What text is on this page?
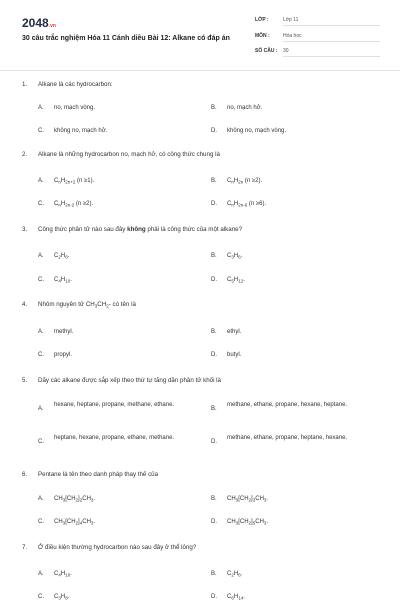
2048.vn
30 câu trắc nghiệm Hóa 11 Cánh diều Bài 12: Alkane có đáp án
LỚP :	Lớp 11
MÔN :	Hóa học
SỐ CÂU : 30
1. Alkane là các hydrocarbon:
A. no, mạch vòng.	B. no, mạch hở.
C. không no, mạch hở.	D. không no, mạch vòng.
2. Alkane là những hydrocarbon no, mạch hở, có công thức chung là
A. $C_nH_{2n+2}$ (n ≥1).	B. $C_nH_{2n}$ (n ≥2).
C. $C_nH_{2n-2}$ (n ≥2).	D. $C_nH_{2n-6}$ (n ≥6).
3. Công thức phân tử nào sau đây không phải là công thức của một alkane?
A. $C_2H_6$.	B. $C_3H_6$.
C. $C_4H_{10}$.	D. $C_5H_{12}$.
4. Nhóm nguyên tử $CH_3CH_2-$ có tên là
A. methyl.	B. ethyl.
C. propyl.	D. butyl.
5. Dãy các alkane được sắp xếp theo thứ tự tăng dần phân tử khối là
A.
hexane, heptane, propane, methane, ethane.
B.
methane, ethane, propane, hexane, heptane.
C.
heptane, hexane, propane, ethane, methane.
D.
methane, ethane, propane, heptane, hexane.
6. Pentane là tên theo danh pháp thay thế của
A. $CH_3[CH_2]_2CH_3$.	B. $CH_3[CH_2]_3CH_3$.
C. $CH_3[CH_2]_4CH_3$.	D. $CH_3[CH_2]_5CH_3$.
7. Ở điều kiện thường hydrocarbon nào sau đây ở thể lỏng?
A. $C_4H_{10}$.	B. $C_2H_6$.
C. $C_3H_8$.	D. $C_6H_{14}$.
